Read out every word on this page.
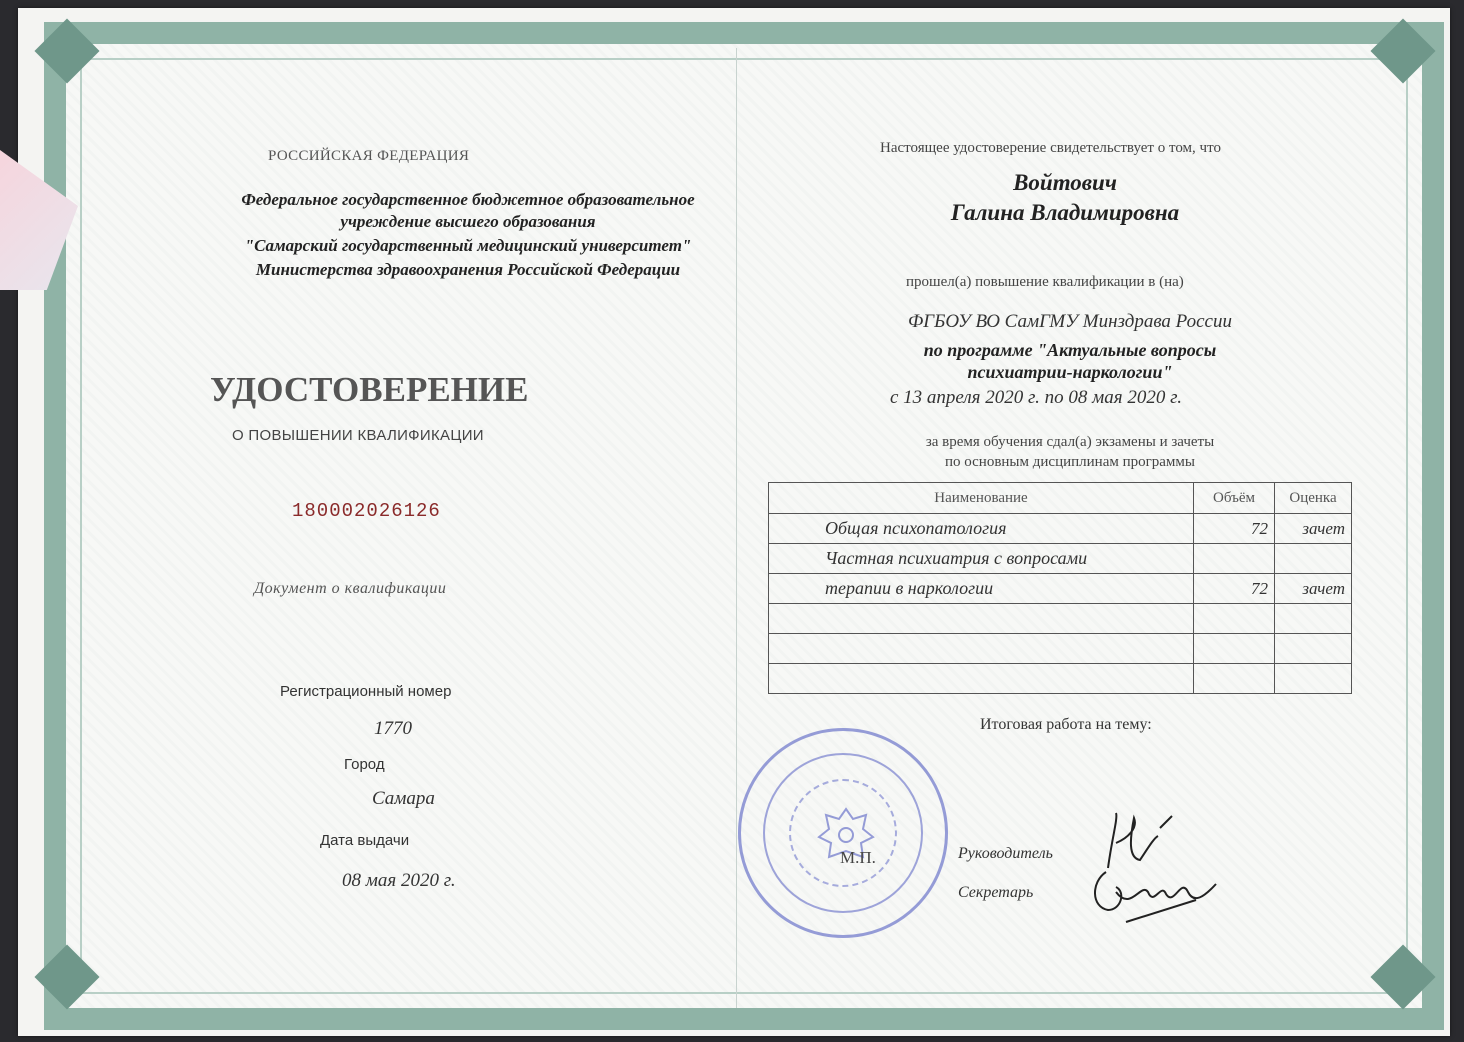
РОССИЙСКАЯ ФЕДЕРАЦИЯ
Федеральное государственное бюджетное образовательное
учреждение высшего образования
"Самарский государственный медицинский университет"
Министерства здравоохранения Российской Федерации
УДОСТОВЕРЕНИЕ
О ПОВЫШЕНИИ КВАЛИФИКАЦИИ
180002026126
Документ о квалификации
Регистрационный номер
1770
Город
Самара
Дата выдачи
08 мая 2020 г.
Настоящее удостоверение свидетельствует о том, что
Войтович
Галина Владимировна
прошел(а) повышение квалификации в (на)
ФГБОУ ВО СамГМУ Минздрава России
по программе "Актуальные вопросы
психиатрии-наркологии"
с 13 апреля 2020 г. по 08 мая 2020 г.
за время обучения сдал(а) экзамены и зачеты
по основным дисциплинам программы
Наименование	Объём	Оценка
Общая психопатология	72	зачет
Частная психиатрия с вопросами		
терапии в наркологии	72	зачет

Итоговая работа на тему:
М.П.	Руководитель
Секретарь
